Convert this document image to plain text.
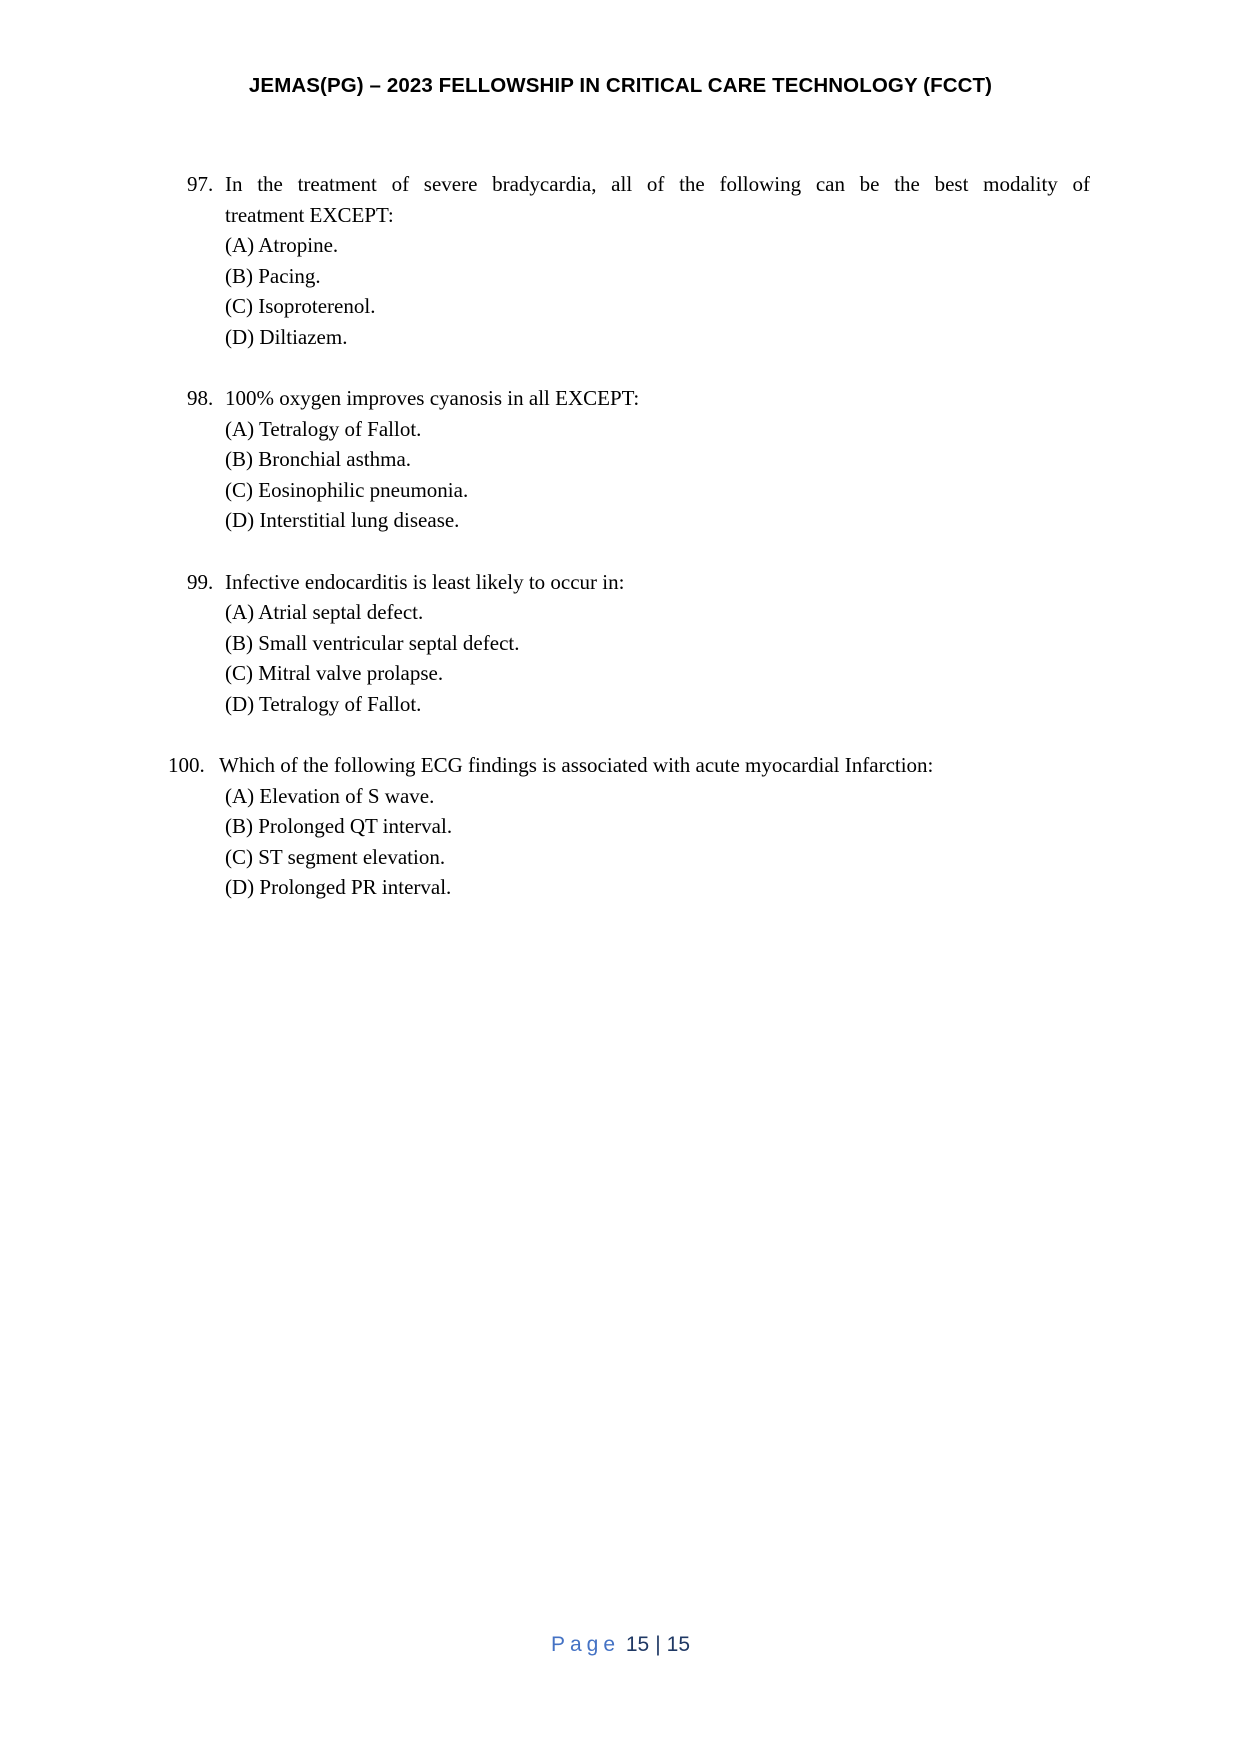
JEMAS(PG) – 2023 FELLOWSHIP IN CRITICAL CARE TECHNOLOGY (FCCT)
97. In the treatment of severe bradycardia, all of the following can be the best modality of
treatment EXCEPT:
(A) Atropine.
(B) Pacing.
(C) Isoproterenol.
(D) Diltiazem.
98. 100% oxygen improves cyanosis in all EXCEPT:
(A) Tetralogy of Fallot.
(B) Bronchial asthma.
(C) Eosinophilic pneumonia.
(D) Interstitial lung disease.
99. Infective endocarditis is least likely to occur in:
(A) Atrial septal defect.
(B) Small ventricular septal defect.
(C) Mitral valve prolapse.
(D) Tetralogy of Fallot.
100. Which of the following ECG findings is associated with acute myocardial Infarction:
(A) Elevation of S wave.
(B) Prolonged QT interval.
(C) ST segment elevation.
(D) Prolonged PR interval.
Page 15 | 15
